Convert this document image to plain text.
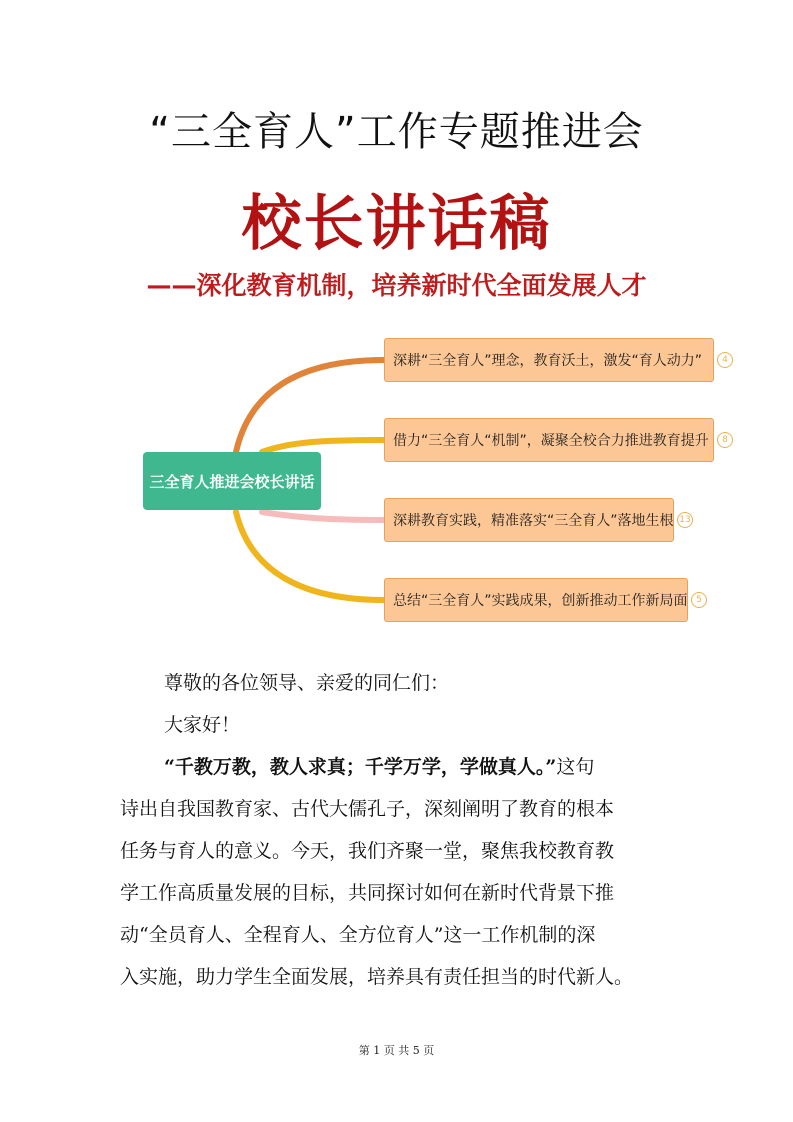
“三全育人”工作专题推进会
校长讲话稿
——深化教育机制，培养新时代全面发展人才
三全育人推进会校长讲话
深耕“三全育人”理念，教育沃土，激发“育人动力”	4
借力“三全育人“机制”，凝聚全校合力推进教育提升	8
深耕教育实践，精准落实“三全育人”落地生根 13
总结“三全育人”实践成果，创新推动工作新局面 5
尊敬的各位领导、亲爱的同仁们：
大家好！
“千教万教，教人求真；千学万学，学做真人。”这句
诗出自我国教育家、古代大儒孔子，深刻阐明了教育的根本
任务与育人的意义。今天，我们齐聚一堂，聚焦我校教育教
学工作高质量发展的目标，共同探讨如何在新时代背景下推
动“全员育人、全程育人、全方位育人”这一工作机制的深
入实施，助力学生全面发展，培养具有责任担当的时代新人。
第 1 页 共 5 页
